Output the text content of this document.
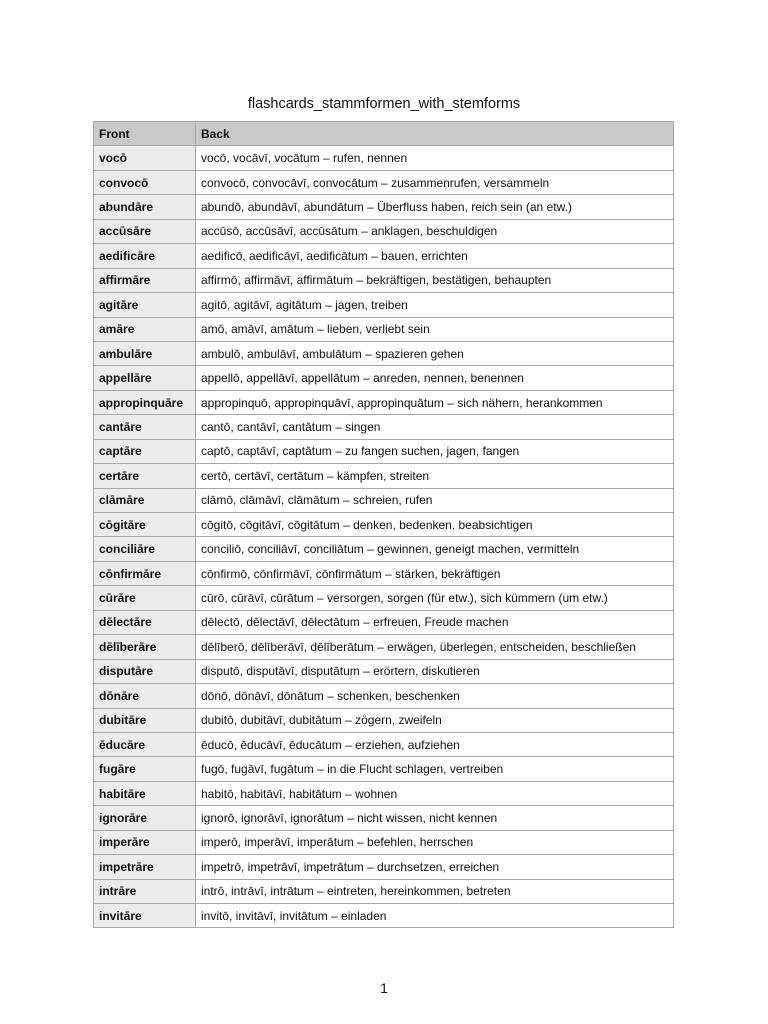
flashcards_stammformen_with_stemforms
Front	Back
vocō	vocō, vocāvī, vocātum – rufen, nennen
convocō	convocō, convocāvī, convocātum – zusammenrufen, versammeln
abundāre	abundō, abundāvī, abundātum – Überfluss haben, reich sein (an etw.)
accūsāre	accūsō, accūsāvī, accūsātum – anklagen, beschuldigen
aedificāre	aedificō, aedificāvī, aedificātum – bauen, errichten
affirmāre	affirmō, affirmāvī, affirmātum – bekräftigen, bestätigen, behaupten
agitāre	agitō, agitāvī, agitātum – jagen, treiben
amāre	amō, amāvī, amātum – lieben, verliebt sein
ambulāre	ambulō, ambulāvī, ambulātum – spazieren gehen
appellāre	appellō, appellāvī, appellātum – anreden, nennen, benennen
appropinquāre	appropinquō, appropinquāvī, appropinquātum – sich nähern, herankommen
cantāre	cantō, cantāvī, cantātum – singen
captāre	captō, captāvī, captātum – zu fangen suchen, jagen, fangen
certāre	certō, certāvī, certātum – kämpfen, streiten
clāmāre	clāmō, clāmāvī, clāmātum – schreien, rufen
cōgitāre	cōgitō, cōgitāvī, cōgitātum – denken, bedenken, beabsichtigen
conciliāre	conciliō, conciliāvī, conciliātum – gewinnen, geneigt machen, vermitteln
cōnfirmāre	cōnfirmō, cōnfirmāvī, cōnfirmātum – stärken, bekräftigen
cūrāre	cūrō, cūrāvī, cūrātum – versorgen, sorgen (für etw.), sich kümmern (um etw.)
dēlectāre	dēlectō, dēlectāvī, dēlectātum – erfreuen, Freude machen
dēlīberāre	dēlīberō, dēlīberāvī, dēlīberātum – erwägen, überlegen, entscheiden, beschließen
disputāre	disputō, disputāvī, disputātum – erörtern, diskutieren
dōnāre	dōnō, dōnāvī, dōnātum – schenken, beschenken
dubitāre	dubitō, dubitāvī, dubitātum – zögern, zweifeln
ēducāre	ēducō, ēducāvī, ēducātum – erziehen, aufziehen
fugāre	fugō, fugāvī, fugātum – in die Flucht schlagen, vertreiben
habitāre	habitō, habitāvī, habitātum – wohnen
ignorāre	ignorō, ignorāvī, ignorātum – nicht wissen, nicht kennen
imperāre	imperō, imperāvī, imperātum – befehlen, herrschen
impetrāre	impetrō, impetrāvī, impetrātum – durchsetzen, erreichen
intrāre	intrō, intrāvī, intrātum – eintreten, hereinkommen, betreten
invitāre	invitō, invitāvī, invitātum – einladen
1
